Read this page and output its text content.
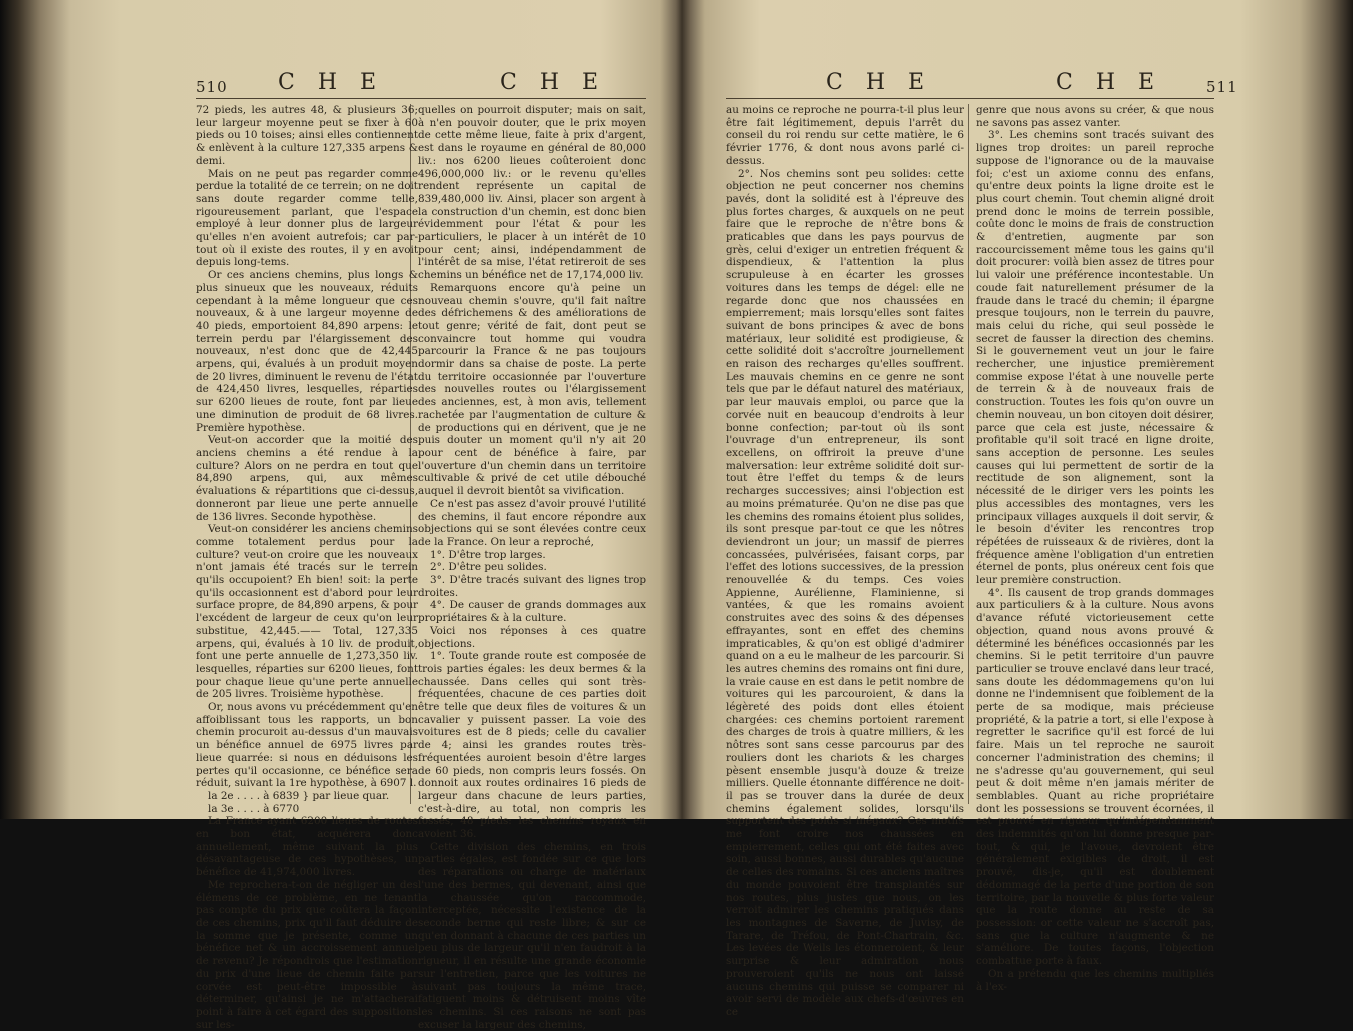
510 C H E	C H E

72 pieds, les autres 48, & plusieurs 36; leur largeur moyenne peut se fixer à 60 pieds ou 10 toises; ainsi elles contiennent & enlèvent à la culture 127,335 arpens & demi.

Mais on ne peut pas regarder comme perdue la totalité de ce terrein; on ne doit sans doute regarder comme telle, rigoureusement parlant, que l'espace employé à leur donner plus de largeur qu'elles n'en avoient autrefois; car par-tout où il existe des routes, il y en avoit depuis long-tems.

Or ces anciens chemins, plus longs & plus sinueux que les nouveaux, réduits cependant à la même longueur que ces nouveaux, & à une largeur moyenne de 40 pieds, emportoient 84,890 arpens: le terrein perdu par l'élargissement des nouveaux, n'est donc que de 42,445 arpens, qui, évalués à un produit moyen de 20 livres, diminuent le revenu de l'état de 424,450 livres, lesquelles, réparties sur 6200 lieues de route, font par lieue une diminution de produit de 68 livres. Première hypothèse.

Veut-on accorder que la moitié des anciens chemins a été rendue à la culture? Alors on ne perdra en tout que 84,890 arpens, qui, aux mêmes évaluations & répartitions que ci-dessus, donneront par lieue une perte annuelle de 136 livres. Seconde hypothèse.

Veut-on considérer les anciens chemins comme totalement perdus pour la culture? veut-on croire que les nouveaux n'ont jamais été tracés sur le terrein qu'ils occupoient? Eh bien! soit: la perte qu'ils occasionnent est d'abord pour leur surface propre, de 84,890 arpens, & pour l'excédent de largeur de ceux qu'on leur substitue, 42,445.—— Total, 127,335 arpens, qui, évalués à 10 liv. de produit, font une perte annuelle de 1,273,350 liv. lesquelles, réparties sur 6200 lieues, font pour chaque lieue qu'une perte annuelle de 205 livres. Troisième hypothèse.

Or, nous avons vu précédemment qu'en affoiblissant tous les rapports, un bon chemin procuroit au-dessus d'un mauvais un bénéfice annuel de 6975 livres par lieue quarrée: si nous en déduisons les pertes qu'il occasionne, ce bénéfice sera réduit, suivant la 1re hypothèse, à 6907 l.

la 2e . . . . à 6839 } par lieue quar.

la 3e . . . . à 6770

La France ayant 6200 lieues de routes en bon état, acquérera donc annuellement, même suivant la plus désavantageuse de ces hypothèses, un bénéfice de 41,974,000 livres.

Me reprochera-t-on de négliger un des élémens de ce problème, en ne tenant pas compte du prix que coûtera la façon de ces chemins, prix qu'il faut déduire de la somme que je présente, comme un bénéfice net & un accroissement annuel de revenu? Je répondrois que l'estimation du prix d'une lieue de chemin faite par corvée est peut-être impossible à déterminer, qu'ainsi je ne m'attacherai point à faire à cet égard des suppositions sur les-

quelles on pourroit disputer; mais on sait, à n'en pouvoir douter, que le prix moyen de cette même lieue, faite à prix d'argent, est dans le royaume en général de 80,000 liv.: nos 6200 lieues coûteroient donc 496,000,000 liv.: or le revenu qu'elles rendent représente un capital de 839,480,000 liv. Ainsi, placer son argent à la construction d'un chemin, est donc bien évidemment pour l'état & pour les particuliers, le placer à un intérêt de 10 pour cent; ainsi, indépendamment de l'intérêt de sa mise, l'état retireroit de ses chemins un bénéfice net de 17,174,000 liv.

Remarquons encore qu'à peine un nouveau chemin s'ouvre, qu'il fait naître des défrichemens & des améliorations de tout genre; vérité de fait, dont peut se convaincre tout homme qui voudra parcourir la France & ne pas toujours dormir dans sa chaise de poste. La perte du territoire occasionnée par l'ouverture des nouvelles routes ou l'élargissement des anciennes, est, à mon avis, tellement rachetée par l'augmentation de culture & de productions qui en dérivent, que je ne puis douter un moment qu'il n'y ait 20 pour cent de bénéfice à faire, par l'ouverture d'un chemin dans un territoire cultivable & privé de cet utile débouché auquel il devroit bientôt sa vivification.

Ce n'est pas assez d'avoir prouvé l'utilité des chemins, il faut encore répondre aux objections qui se sont élevées contre ceux de la France. On leur a reproché,

1°. D'être trop larges.

2°. D'être peu solides.

3°. D'être tracés suivant des lignes trop droites.

4°. De causer de grands dommages aux propriétaires & à la culture.

Voici nos réponses à ces quatre objections.

1°. Toute grande route est composée de trois parties égales: les deux bermes & la chaussée. Dans celles qui sont très-fréquentées, chacune de ces parties doit être telle que deux files de voitures & un cavalier y puissent passer. La voie des voitures est de 8 pieds; celle du cavalier de 4; ainsi les grandes routes très-fréquentées auroient besoin d'être larges de 60 pieds, non compris leurs fossés. On donnoit aux routes ordinaires 16 pieds de largeur dans chacune de leurs parties, c'est-à-dire, au total, non compris les fossés, 48 pieds: les chemins royaux en avoient 36.

Cette division des chemins, en trois parties égales, est fondée sur ce que lors des réparations ou charge de matériaux l'une des bermes, qui devenant, ainsi que la chaussée qu'on raccommode, interceptée, nécessite l'existence de la seconde berme qui reste libre; & sur ce qu'en donnant à chacune de ces parties un peu plus de largeur qu'il n'en faudroit à la rigueur, il en résulte une grande économie sur l'entretien, parce que les voitures ne suivant pas toujours la même trace, fatiguent moins & détruisent moins vîte les chemins. Si ces raisons ne sont pas excuser la largeur des chemins,

C H E	C H E	511

au moins ce reproche ne pourra-t-il plus leur être fait légitimement, depuis l'arrêt du conseil du roi rendu sur cette matière, le 6 février 1776, & dont nous avons parlé ci-dessus.

2°. Nos chemins sont peu solides: cette objection ne peut concerner nos chemins pavés, dont la solidité est à l'épreuve des plus fortes charges, & auxquels on ne peut faire que le reproche de n'être bons & praticables que dans les pays pourvus de grès, celui d'exiger un entretien fréquent & dispendieux, & l'attention la plus scrupuleuse à en écarter les grosses voitures dans les temps de dégel: elle ne regarde donc que nos chaussées en empierrement; mais lorsqu'elles sont faites suivant de bons principes & avec de bons matériaux, leur solidité est prodigieuse, & cette solidité doit s'accroître journellement en raison des recharges qu'elles souffrent. Les mauvais chemins en ce genre ne sont tels que par le défaut naturel des matériaux, par leur mauvais emploi, ou parce que la corvée nuit en beaucoup d'endroits à leur bonne confection; par-tout où ils sont l'ouvrage d'un entrepreneur, ils sont excellens, on offriroit la preuve d'une malversation: leur extrême solidité doit sur-tout être l'effet du temps & de leurs recharges successives; ainsi l'objection est au moins prématurée. Qu'on ne dise pas que les chemins des romains étoient plus solides, ils sont presque par-tout ce que les nôtres deviendront un jour; un massif de pierres concassées, pulvérisées, faisant corps, par l'effet des lotions successives, de la pression renouvellée & du temps. Ces voies Appienne, Aurélienne, Flaminienne, si vantées, & que les romains avoient construites avec des soins & des dépenses effrayantes, sont en effet des chemins impraticables, & qu'on est obligé d'admirer quand on a eu le malheur de les parcourir. Si les autres chemins des romains ont fini dure, la vraie cause en est dans le petit nombre de voitures qui les parcouroient, & dans la légèreté des poids dont elles étoient chargées: ces chemins portoient rarement des charges de trois à quatre milliers, & les nôtres sont sans cesse parcourus par des rouliers dont les chariots & les charges pèsent ensemble jusqu'à douze & treize milliers. Quelle étonnante différence ne doit-il pas se trouver dans la durée de deux chemins également solides, lorsqu'ils supportent des poids si inégaux? Ces motifs me font croire nos chaussées en empierrement, celles qui ont été faites avec soin, aussi bonnes, aussi durables qu'aucune de celles des romains. Si ces anciens maîtres du monde pouvoient être transplantés sur nos routes, plus justes que nous, on les verroit admirer les chemins pratiqués dans les montagnes de Saverne, de Juvisy, de Tarare, de Tréfou, de Pont-Chartrain, &c. Les levées de Weils les étonneroient, & leur surprise & leur admiration nous prouveroient qu'ils ne nous ont laissé aucuns chemins qui puisse se comparer ni avoir servi de modèle aux chefs-d'œuvres en ce

genre que nous avons su créer, & que nous ne savons pas assez vanter.

3°. Les chemins sont tracés suivant des lignes trop droites: un pareil reproche suppose de l'ignorance ou de la mauvaise foi; c'est un axiome connu des enfans, qu'entre deux points la ligne droite est le plus court chemin. Tout chemin aligné droit prend donc le moins de terrein possible, coûte donc le moins de frais de construction & d'entretien, augmente par son raccourcissement même tous les gains qu'il doit procurer: voilà bien assez de titres pour lui valoir une préférence incontestable. Un coude fait naturellement présumer de la fraude dans le tracé du chemin; il épargne presque toujours, non le terrein du pauvre, mais celui du riche, qui seul possède le secret de fausser la direction des chemins. Si le gouvernement veut un jour le faire rechercher, une injustice premièrement commise expose l'état à une nouvelle perte de terrein & à de nouveaux frais de construction. Toutes les fois qu'on ouvre un chemin nouveau, un bon citoyen doit désirer, parce que cela est juste, nécessaire & profitable qu'il soit tracé en ligne droite, sans acception de personne. Les seules causes qui lui permettent de sortir de la rectitude de son alignement, sont la nécessité de le diriger vers les points les plus accessibles des montagnes, vers les principaux villages auxquels il doit servir, & le besoin d'éviter les rencontres trop répétées de ruisseaux & de rivières, dont la fréquence amène l'obligation d'un entretien éternel de ponts, plus onéreux cent fois que leur première construction.

4°. Ils causent de trop grands dommages aux particuliers & à la culture. Nous avons d'avance réfuté victorieusement cette objection, quand nous avons prouvé & déterminé les bénéfices occasionnés par les chemins. Si le petit territoire d'un pauvre particulier se trouve enclavé dans leur tracé, sans doute les dédommagemens qu'on lui donne ne l'indemnisent que foiblement de la perte de sa modique, mais précieuse propriété, & la patrie a tort, si elle l'expose à regretter le sacrifice qu'il est forcé de lui faire. Mais un tel reproche ne sauroit concerner l'administration des chemins; il ne s'adresse qu'au gouvernement, qui seul peut & doit même n'en jamais mériter de semblables. Quant au riche propriétaire dont les possessions se trouvent écornées, il est prouvé en rigueur qu'indépendamment des indemnités qu'on lui donne presque par-tout, & qui, je l'avoue, devroient être généralement exigibles de droit, il est prouvé, dis-je, qu'il est doublement dédommagé de la perte d'une portion de son territoire, par la nouvelle & plus forte valeur que la route donne au reste de sa possession: or cette valeur ne s'accroît pas, sans que la culture n'augmente & ne s'améliore. De toutes façons, l'objection combattue porte à faux.

On a prétendu que les chemins multipliés à l'ex-
